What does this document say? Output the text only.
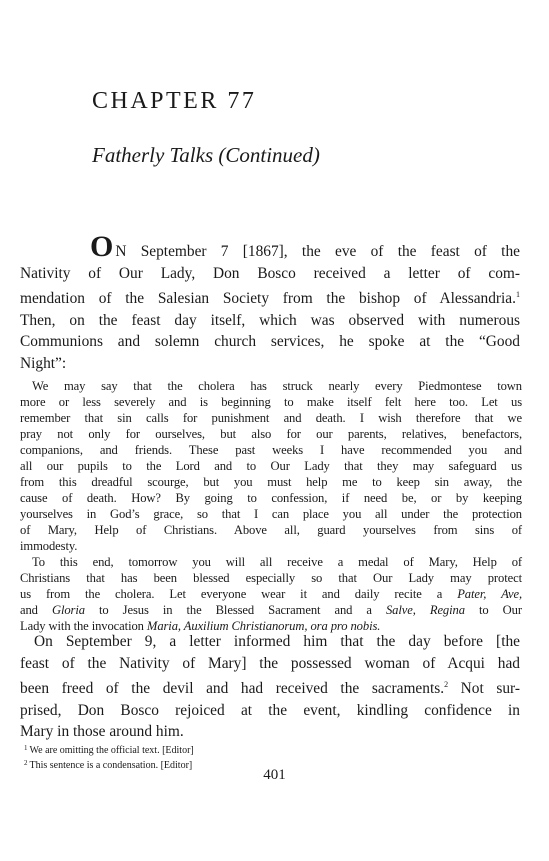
CHAPTER 77
Fatherly Talks (Continued)
O N September 7 [1867], the eve of the feast of the
Nativity of Our Lady, Don Bosco received a letter of com-
mendation of the Salesian Society from the bishop of Alessandria.$^1$
Then, on the feast day itself, which was observed with numerous
Communions and solemn church services, he spoke at the “Good
Night”:
We may say that the cholera has struck nearly every Piedmontese town
more or less severely and is beginning to make itself felt here too. Let us
remember that sin calls for punishment and death. I wish therefore that we
pray not only for ourselves, but also for our parents, relatives, benefactors,
companions, and friends. These past weeks I have recommended you and
all our pupils to the Lord and to Our Lady that they may safeguard us
from this dreadful scourge, but you must help me to keep sin away, the
cause of death. How? By going to confession, if need be, or by keeping
yourselves in God’s grace, so that I can place you all under the protection
of Mary, Help of Christians. Above all, guard yourselves from sins of
immodesty.
To this end, tomorrow you will all receive a medal of Mary, Help of
Christians that has been blessed especially so that Our Lady may protect
us from the cholera. Let everyone wear it and daily recite a Pater, Ave,
and Gloria to Jesus in the Blessed Sacrament and a Salve, Regina to Our
Lady with the invocation Maria, Auxilium Christianorum, ora pro nobis.
On September 9, a letter informed him that the day before [the
feast of the Nativity of Mary] the possessed woman of Acqui had
been freed of the devil and had received the sacraments.$^2$ Not sur-
prised, Don Bosco rejoiced at the event, kindling confidence in
Mary in those around him.
$^1$ We are omitting the official text. [Editor]
$^2$ This sentence is a condensation. [Editor]
401
